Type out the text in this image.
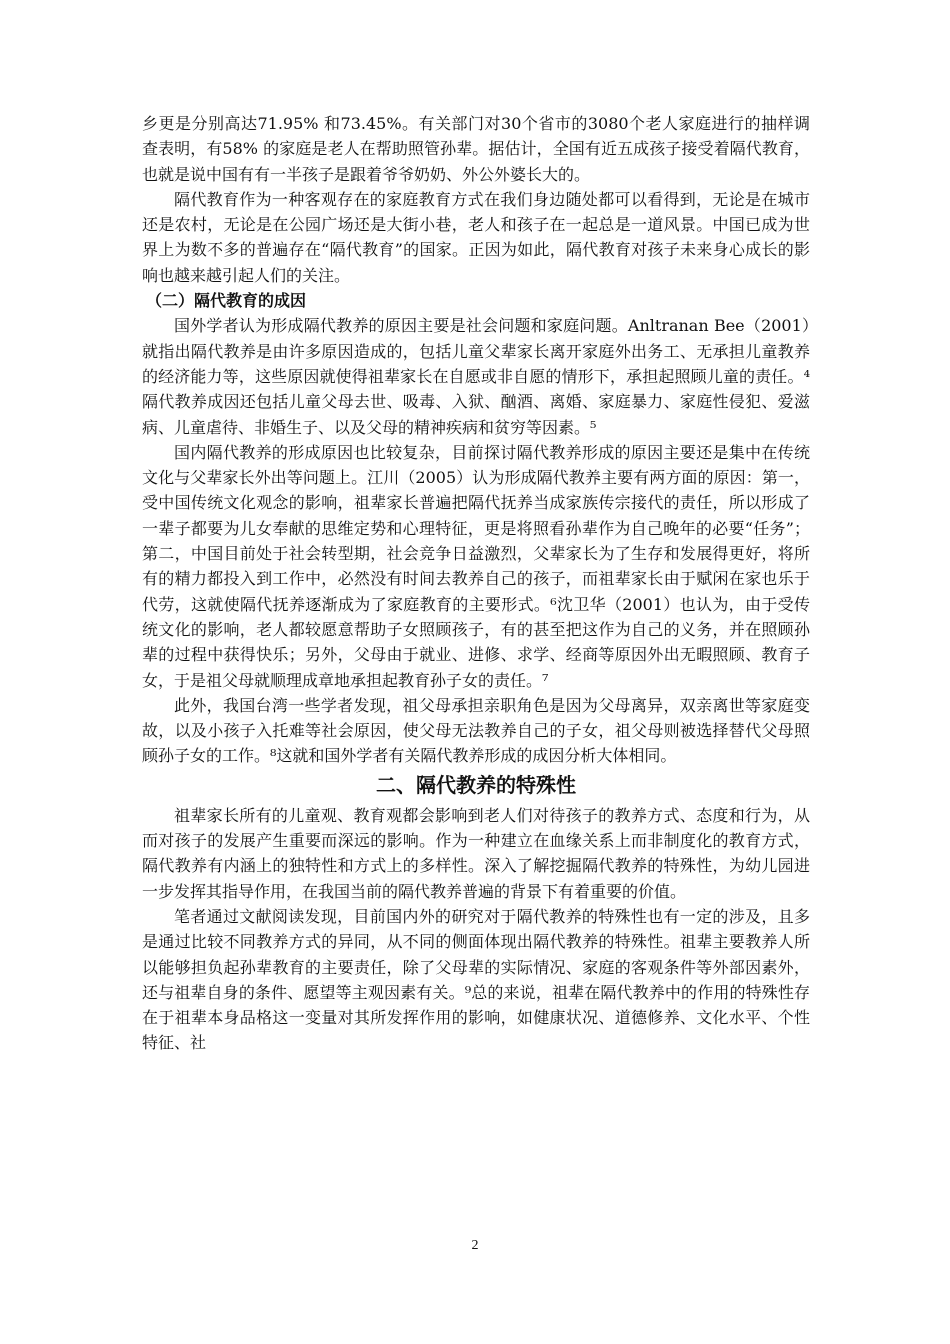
乡更是分别高达71.95% 和73.45%。有关部门对30个省市的3080个老人家庭进行的抽样调查表明，有58% 的家庭是老人在帮助照管孙辈。据估计，全国有近五成孩子接受着隔代教育，也就是说中国有有一半孩子是跟着爷爷奶奶、外公外婆长大的。

隔代教育作为一种客观存在的家庭教育方式在我们身边随处都可以看得到，无论是在城市还是农村，无论是在公园广场还是大街小巷，老人和孩子在一起总是一道风景。中国已成为世界上为数不多的普遍存在“隔代教育”的国家。正因为如此，隔代教育对孩子未来身心成长的影响也越来越引起人们的关注。

（二）隔代教育的成因

国外学者认为形成隔代教养的原因主要是社会问题和家庭问题。Anltranan Bee（2001）就指出隔代教养是由许多原因造成的，包括儿童父辈家长离开家庭外出务工、无承担儿童教养的经济能力等，这些原因就使得祖辈家长在自愿或非自愿的情形下，承担起照顾儿童的责任。⁴隔代教养成因还包括儿童父母去世、吸毒、入狱、酗酒、离婚、家庭暴力、家庭性侵犯、爱滋病、儿童虐待、非婚生子、以及父母的精神疾病和贫穷等因素。⁵

国内隔代教养的形成原因也比较复杂，目前探讨隔代教养形成的原因主要还是集中在传统文化与父辈家长外出等问题上。江川（2005）认为形成隔代教养主要有两方面的原因：第一，受中国传统文化观念的影响，祖辈家长普遍把隔代抚养当成家族传宗接代的责任，所以形成了一辈子都要为儿女奉献的思维定势和心理特征，更是将照看孙辈作为自己晚年的必要“任务”；第二，中国目前处于社会转型期，社会竞争日益激烈，父辈家长为了生存和发展得更好，将所有的精力都投入到工作中，必然没有时间去教养自己的孩子，而祖辈家长由于赋闲在家也乐于代劳，这就使隔代抚养逐渐成为了家庭教育的主要形式。⁶沈卫华（2001）也认为，由于受传统文化的影响，老人都较愿意帮助子女照顾孩子，有的甚至把这作为自己的义务，并在照顾孙辈的过程中获得快乐；另外，父母由于就业、进修、求学、经商等原因外出无暇照顾、教育子女，于是祖父母就顺理成章地承担起教育孙子女的责任。⁷

此外，我国台湾一些学者发现，祖父母承担亲职角色是因为父母离异，双亲离世等家庭变故，以及小孩子入托难等社会原因，使父母无法教养自己的子女，祖父母则被选择替代父母照顾孙子女的工作。⁸这就和国外学者有关隔代教养形成的成因分析大体相同。

二、隔代教养的特殊性

祖辈家长所有的儿童观、教育观都会影响到老人们对待孩子的教养方式、态度和行为，从而对孩子的发展产生重要而深远的影响。作为一种建立在血缘关系上而非制度化的教育方式，隔代教养有内涵上的独特性和方式上的多样性。深入了解挖掘隔代教养的特殊性，为幼儿园进一步发挥其指导作用，在我国当前的隔代教养普遍的背景下有着重要的价值。

笔者通过文献阅读发现，目前国内外的研究对于隔代教养的特殊性也有一定的涉及，且多是通过比较不同教养方式的异同，从不同的侧面体现出隔代教养的特殊性。祖辈主要教养人所以能够担负起孙辈教育的主要责任，除了父母辈的实际情况、家庭的客观条件等外部因素外，还与祖辈自身的条件、愿望等主观因素有关。⁹总的来说，祖辈在隔代教养中的作用的特殊性存在于祖辈本身品格这一变量对其所发挥作用的影响，如健康状况、道德修养、文化水平、个性特征、社

2
